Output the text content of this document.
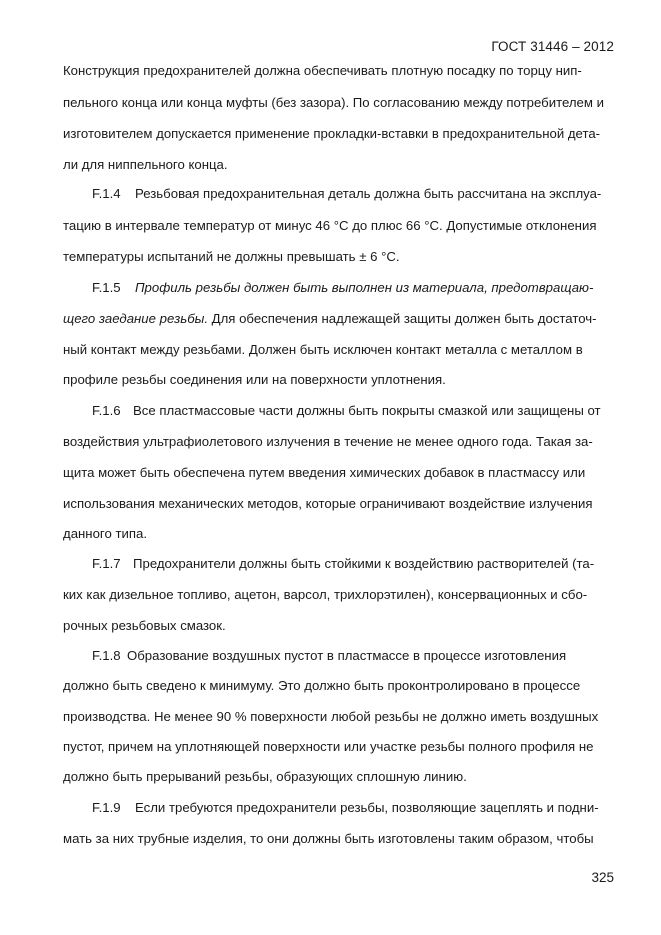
ГОСТ 31446 – 2012
Конструкция предохранителей должна обеспечивать плотную посадку по торцу нип-
пельного конца или конца муфты (без зазора). По согласованию между потребителем и
изготовителем допускается применение прокладки-вставки в предохранительной дета-
ли для ниппельного конца.
F.1.4 Резьбовая предохранительная деталь должна быть рассчитана на эксплуа-
тацию в интервале температур от минус 46 °С до плюс 66 °С. Допустимые отклонения
температуры испытаний не должны превышать ± 6 °С.
F.1.5 Профиль резьбы должен быть выполнен из материала, предотвращаю-
щего заедание резьбы. Для обеспечения надлежащей защиты должен быть достаточ-
ный контакт между резьбами. Должен быть исключен контакт металла с металлом в
профиле резьбы соединения или на поверхности уплотнения.
F.1.6 Все пластмассовые части должны быть покрыты смазкой или защищены от
воздействия ультрафиолетового излучения в течение не менее одного года. Такая за-
щита может быть обеспечена путем введения химических добавок в пластмассу или
использования механических методов, которые ограничивают воздействие излучения
данного типа.
F.1.7 Предохранители должны быть стойкими к воздействию растворителей (та-
ких как дизельное топливо, ацетон, варсол, трихлорэтилен), консервационных и сбо-
рочных резьбовых смазок.
F.1.8 Образование воздушных пустот в пластмассе в процессе изготовления
должно быть сведено к минимуму. Это должно быть проконтролировано в процессе
производства. Не менее 90 % поверхности любой резьбы не должно иметь воздушных
пустот, причем на уплотняющей поверхности или участке резьбы полного профиля не
должно быть прерываний резьбы, образующих сплошную линию.
F.1.9 Если требуются предохранители резьбы, позволяющие зацеплять и подни-
мать за них трубные изделия, то они должны быть изготовлены таким образом, чтобы
325
